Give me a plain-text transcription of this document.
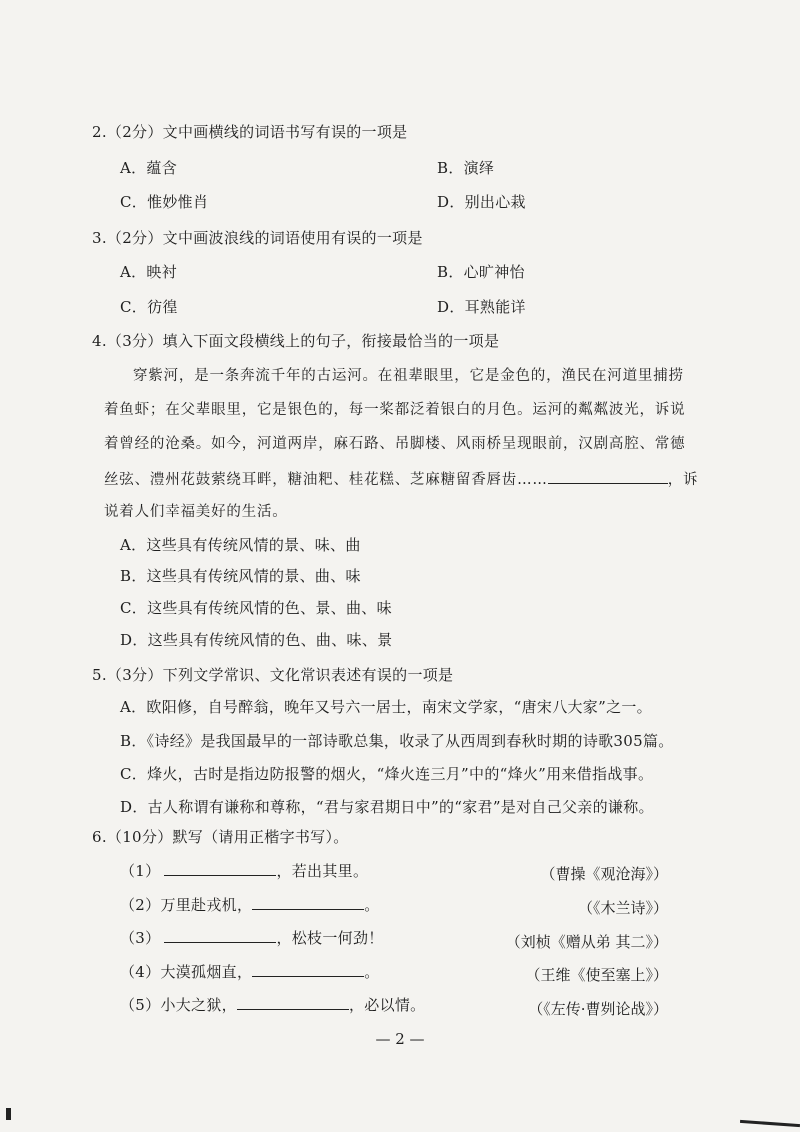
2.（2分）文中画横线的词语书写有误的一项是
A．蕴含	B．演绎
C．惟妙惟肖	D．别出心栽
3.（2分）文中画波浪线的词语使用有误的一项是
A．映衬	B．心旷神怡
C．彷徨	D．耳熟能详
4.（3分）填入下面文段横线上的句子，衔接最恰当的一项是
穿紫河，是一条奔流千年的古运河。在祖辈眼里，它是金色的，渔民在河道里捕捞
着鱼虾；在父辈眼里，它是银色的，每一桨都泛着银白的月色。运河的粼粼波光，诉说
着曾经的沧桑。如今，河道两岸，麻石路、吊脚楼、风雨桥呈现眼前，汉剧高腔、常德
丝弦、澧州花鼓萦绕耳畔，糖油粑、桂花糕、芝麻糖留香唇齿……	，诉
说着人们幸福美好的生活。
A．这些具有传统风情的景、味、曲
B．这些具有传统风情的景、曲、味
C．这些具有传统风情的色、景、曲、味
D．这些具有传统风情的色、曲、味、景
5.（3分）下列文学常识、文化常识表述有误的一项是
A．欧阳修，自号醉翁，晚年又号六一居士，南宋文学家，“唐宋八大家”之一。
B．《诗经》是我国最早的一部诗歌总集，收录了从西周到春秋时期的诗歌305篇。
C．烽火，古时是指边防报警的烟火，“烽火连三月”中的“烽火”用来借指战事。
D．古人称谓有谦称和尊称，“君与家君期日中”的“家君”是对自己父亲的谦称。
6.（10分）默写（请用正楷字书写）。
（1）	，若出其里。	（曹操《观沧海》）
（2）万里赴戎机，	。	（《木兰诗》）
（3）	，松枝一何劲！	（刘桢《赠从弟 其二》）
（4）大漠孤烟直，	。	（王维《使至塞上》）
（5）小大之狱，	，必以情。	（《左传·曹刿论战》）
— 2 —
